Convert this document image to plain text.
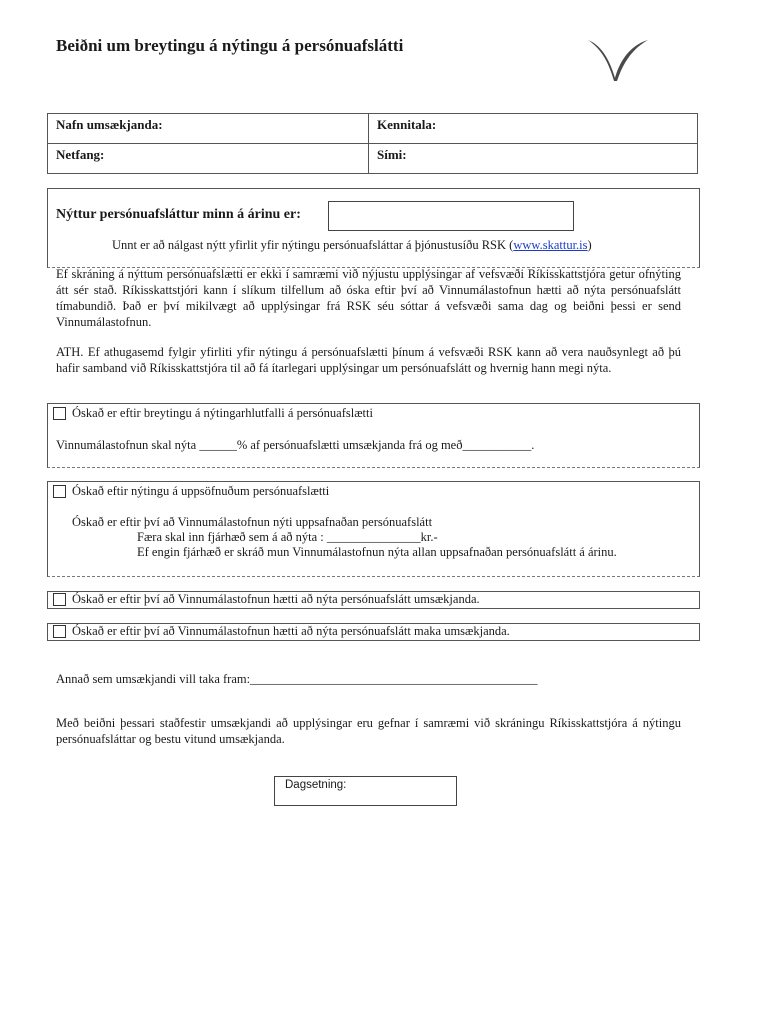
Beiðni um breytingu á nýtingu á persónuafslátti
Nafn umsækjanda:	Kennitala:

Netfang:	Sími:
Nýttur persónuafsláttur minn á árinu er:
Unnt er að nálgast nýtt yfirlit yfir nýtingu persónuafsláttar á þjónustusíðu RSK (www.skattur.is)
Ef skráning á nýttum persónuafslætti er ekki í samræmi við nýjustu upplýsingar af vefsvæði Ríkisskattstjóra getur ofnýting átt sér stað. Ríkisskattstjóri kann í slíkum tilfellum að óska eftir því að Vinnumálastofnun hætti að nýta persónuafslátt tímabundið. Það er því mikilvægt að upplýsingar frá RSK séu sóttar á vefsvæði sama dag og beiðni þessi er send Vinnumálastofnun.
ATH. Ef athugasemd fylgir yfirliti yfir nýtingu á persónuafslætti þínum á vefsvæði RSK kann að vera nauðsynlegt að þú hafir samband við Ríkisskattstjóra til að fá ítarlegari upplýsingar um persónuafslátt og hvernig hann megi nýta.
Óskað er eftir breytingu á nýtingarhlutfalli á persónuafslætti
Vinnumálastofnun skal nýta ______% af persónuafslætti umsækjanda frá og með___________.
Óskað eftir nýtingu á uppsöfnuðum persónuafslætti
Óskað er eftir því að Vinnumálastofnun nýti uppsafnaðan persónuafslátt
Færa skal inn fjárhæð sem á að nýta : _______________kr.-
Ef engin fjárhæð er skráð mun Vinnumálastofnun nýta allan uppsafnaðan persónuafslátt á árinu.
Óskað er eftir því að Vinnumálastofnun hætti að nýta persónuafslátt umsækjanda.
Óskað er eftir því að Vinnumálastofnun hætti að nýta persónuafslátt maka umsækjanda.
Annað sem umsækjandi vill taka fram:______________________________________________
Með beiðni þessari staðfestir umsækjandi að upplýsingar eru gefnar í samræmi við skráningu Ríkisskattstjóra á nýtingu persónuafsláttar og bestu vitund umsækjanda.
Dagsetning:
